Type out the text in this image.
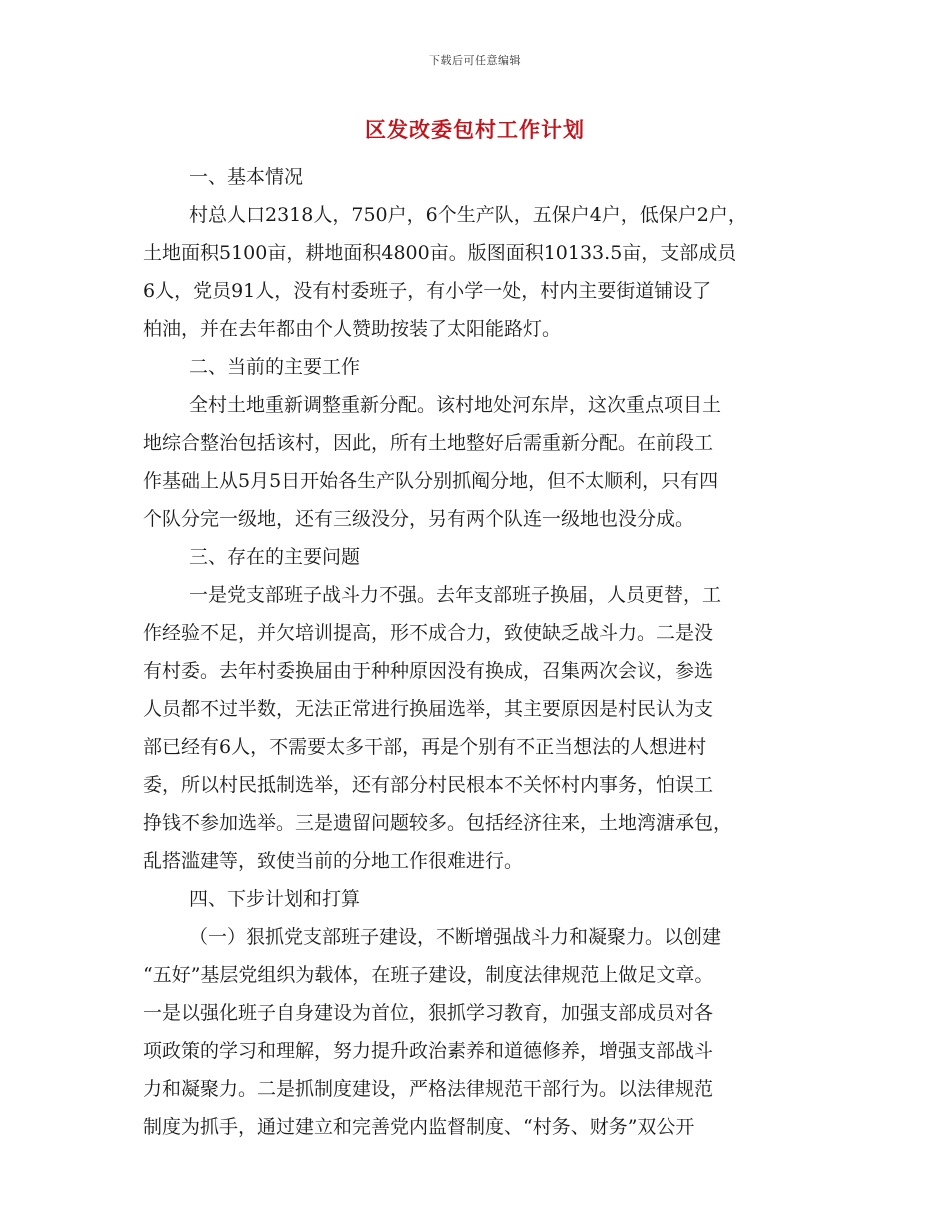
下载后可任意编辑
区发改委包村工作计划
一、基本情况
村总人口2318人，750户，6个生产队，五保户4户，低保户2户，
土地面积5100亩，耕地面积4800亩。版图面积10133.5亩，支部成员
6人，党员91人，没有村委班子，有小学一处，村内主要街道铺设了
柏油，并在去年都由个人赞助按装了太阳能路灯。
二、当前的主要工作
全村土地重新调整重新分配。该村地处河东岸，这次重点项目土
地综合整治包括该村，因此，所有土地整好后需重新分配。在前段工
作基础上从5月5日开始各生产队分别抓阄分地，但不太顺利，只有四
个队分完一级地，还有三级没分，另有两个队连一级地也没分成。
三、存在的主要问题
一是党支部班子战斗力不强。去年支部班子换届，人员更替，工
作经验不足，并欠培训提高，形不成合力，致使缺乏战斗力。二是没
有村委。去年村委换届由于种种原因没有换成，召集两次会议，参选
人员都不过半数，无法正常进行换届选举，其主要原因是村民认为支
部已经有6人，不需要太多干部，再是个别有不正当想法的人想进村
委，所以村民抵制选举，还有部分村民根本不关怀村内事务，怕误工
挣钱不参加选举。三是遗留问题较多。包括经济往来，土地湾溏承包，
乱搭滥建等，致使当前的分地工作很难进行。
四、下步计划和打算
（一）狠抓党支部班子建设，不断增强战斗力和凝聚力。以创建
“五好”基层党组织为载体，在班子建设，制度法律规范上做足文章。
一是以强化班子自身建设为首位，狠抓学习教育，加强支部成员对各
项政策的学习和理解，努力提升政治素养和道德修养，增强支部战斗
力和凝聚力。二是抓制度建设，严格法律规范干部行为。以法律规范
制度为抓手，通过建立和完善党内监督制度、“村务、财务”双公开
